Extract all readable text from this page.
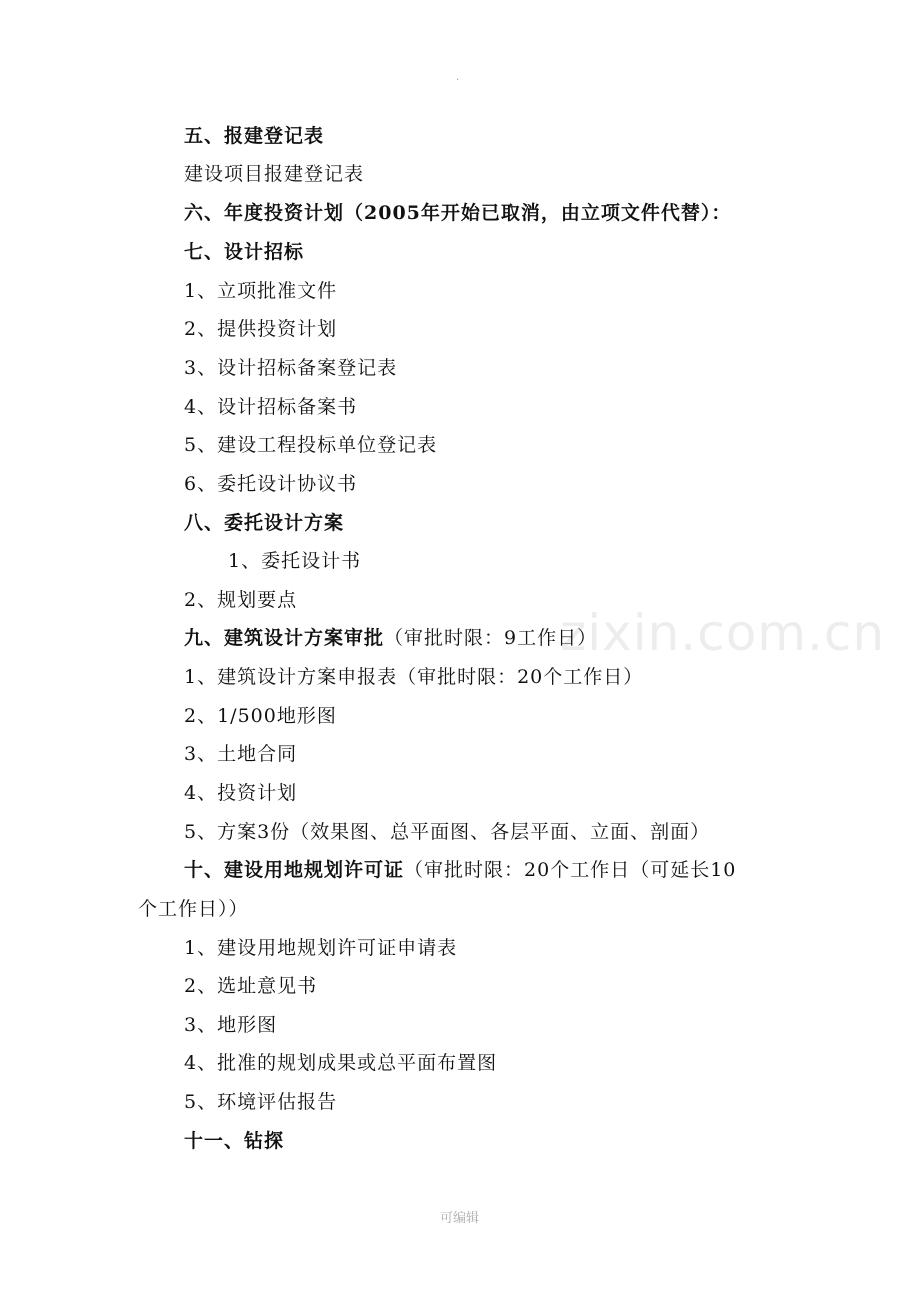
.
zixin.com.cn
五、报建登记表
建设项目报建登记表
六、年度投资计划（2005年开始已取消，由立项文件代替）：
七、设计招标
1、立项批准文件
2、提供投资计划
3、设计招标备案登记表
4、设计招标备案书
5、建设工程投标单位登记表
6、委托设计协议书
八、委托设计方案
1、委托设计书
2、规划要点
九、建筑设计方案审批（审批时限：9工作日）
1、建筑设计方案申报表（审批时限：20个工作日）
2、1/500地形图
3、土地合同
4、投资计划
5、方案3份（效果图、总平面图、各层平面、立面、剖面）
十、建设用地规划许可证（审批时限：20个工作日（可延长10
个工作日））
1、建设用地规划许可证申请表
2、选址意见书
3、地形图
4、批准的规划成果或总平面布置图
5、环境评估报告
十一、钻探
可编辑
